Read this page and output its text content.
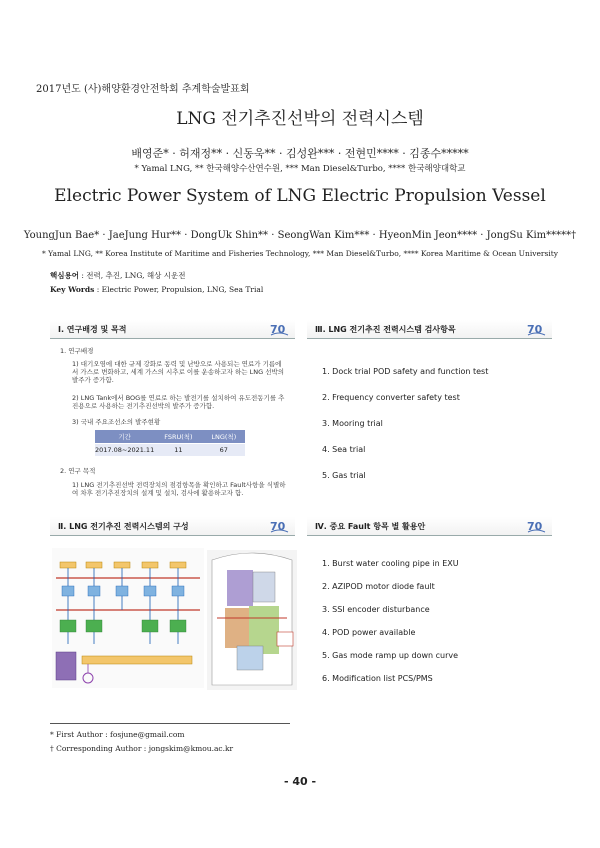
2017년도 (사)해양환경안전학회 추계학술발표회
LNG 전기추진선박의 전력시스템
배영준* · 허재정** · 신동욱** · 김성완*** · 전현민**** · 김종수*****
* Yamal LNG, ** 한국해양수산연수원, *** Man Diesel&Turbo, **** 한국해양대학교
Electric Power System of LNG Electric Propulsion Vessel
YoungJun Bae* · JaeJung Hur** · DongUk Shin** · SeongWan Kim*** · HyeonMin Jeon**** · JongSu Kim*****†
* Yamal LNG, ** Korea Institute of Maritime and Fisheries Technology, *** Man Diesel&Turbo, **** Korea Maritime & Ocean University
핵심용어 : 전력, 추진, LNG, 해상 시운전
Key Words : Electric Power, Propulsion, LNG, Sea Trial
Ⅰ. 연구배경 및 목적	70
1. 연구배경
1) 대기오염에 대한 규제 강화로 동력 및 난방으로 사용되는 연료가 기름에서 가스로 변화하고, 세계 가스의 시추로 이를 운송하고자 하는 LNG 선박의 발주가 증가함.
2) LNG Tank에서 BOG를 연료로 하는 발전기를 설치하여 유도전동기를 추진용으로 사용하는 전기추진선박의 발주가 증가함.
3) 국내 주요조선소의 발주현황
기간	FSRU(척)	LNG(척)
2017.08~2021.11	11	67
2. 연구 목적
1) LNG 전기추진선박 전력장치의 점검항목을 확인하고 Fault사항을 식별하여 차후 전기추진장치의 설계 및 설치, 검사에 활용하고자 함.
Ⅱ. LNG 전기추진 전력시스템의 구성	70
Ⅲ. LNG 전기추진 전력시스템 검사항목	70
1. Dock trial POD safety and function test
2. Frequency converter safety test
3. Mooring trial
4. Sea trial
5. Gas trial
Ⅳ. 중요 Fault 항목 별 활용안	70
1. Burst water cooling pipe in EXU
2. AZIPOD motor diode fault
3. SSI encoder disturbance
4. POD power available
5. Gas mode ramp up down curve
6. Modification list PCS/PMS
* First Author : fosjune@gmail.com
† Corresponding Author : jongskim@kmou.ac.kr
- 40 -
